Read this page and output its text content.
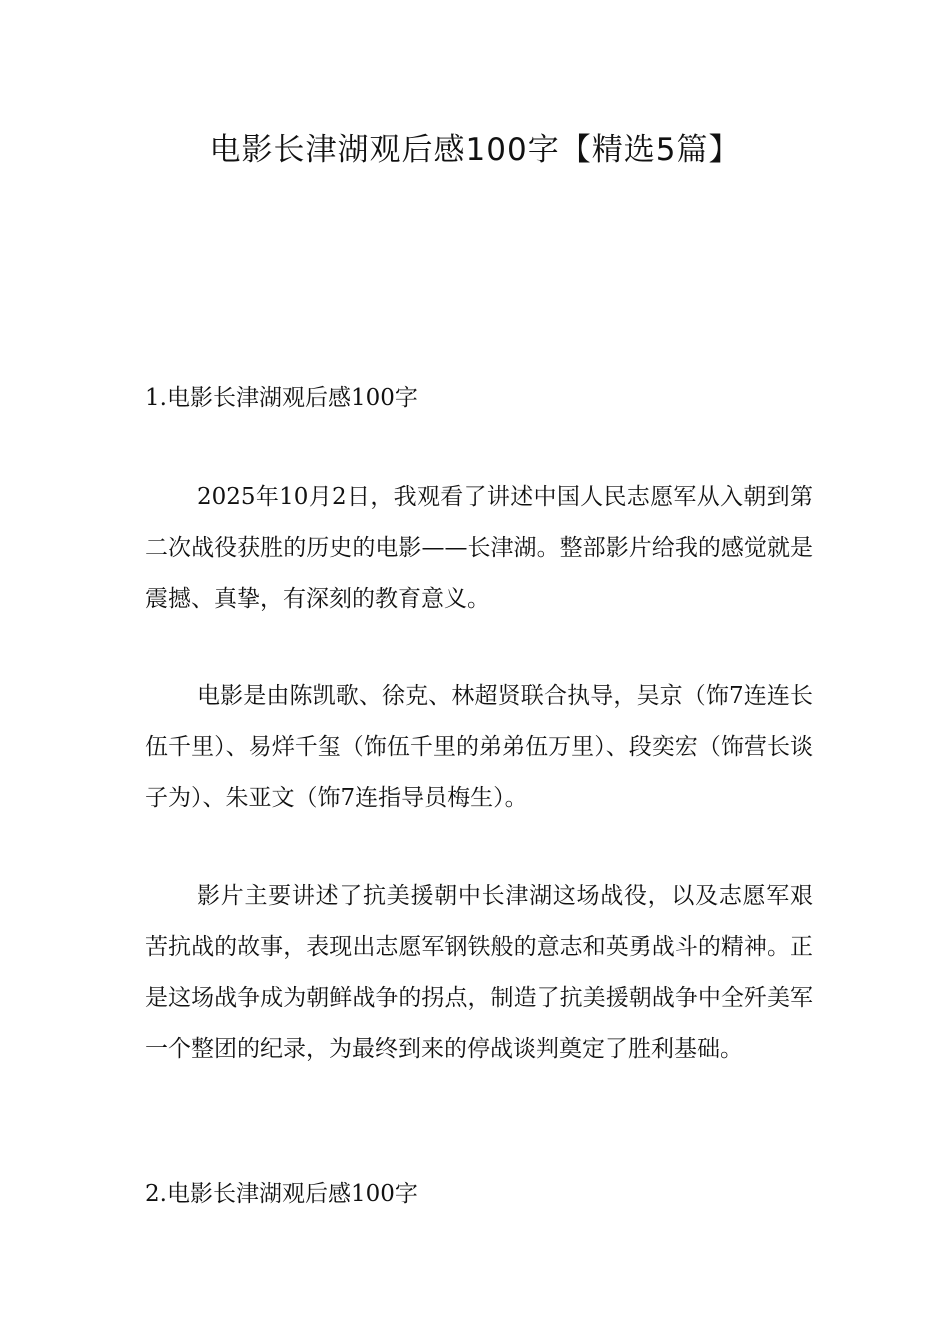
电影长津湖观后感100字【精选5篇】
1.电影长津湖观后感100字

2025年10月2日，我观看了讲述中国人民志愿军从入朝到第二次战役获胜的历史的电影——长津湖。整部影片给我的感觉就是震撼、真挚，有深刻的教育意义。

电影是由陈凯歌、徐克、林超贤联合执导，吴京（饰7连连长伍千里）、易烊千玺（饰伍千里的弟弟伍万里）、段奕宏（饰营长谈子为）、朱亚文（饰7连指导员梅生）。

影片主要讲述了抗美援朝中长津湖这场战役，以及志愿军艰苦抗战的故事，表现出志愿军钢铁般的意志和英勇战斗的精神。正是这场战争成为朝鲜战争的拐点，制造了抗美援朝战争中全歼美军一个整团的纪录，为最终到来的停战谈判奠定了胜利基础。

2.电影长津湖观后感100字
